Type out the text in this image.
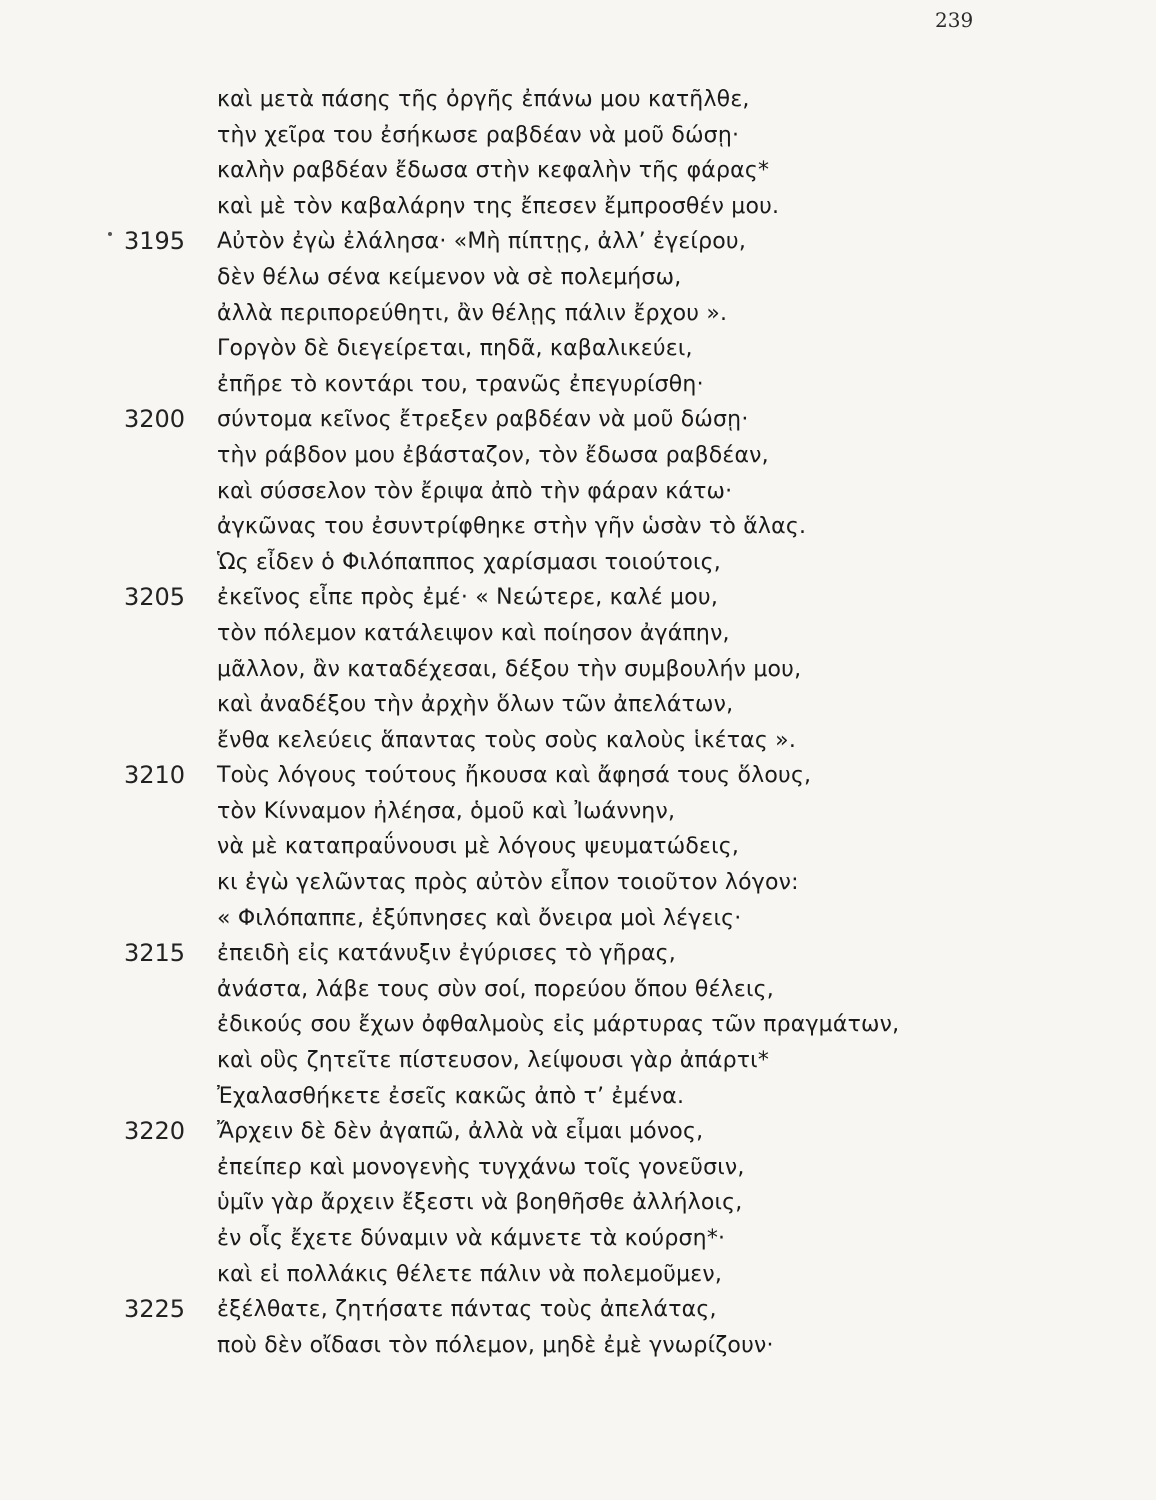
239
καὶ μετὰ πάσης τῆς ὀργῆς ἐπάνω μου κατῆλθε,
τὴν χεῖρα του ἐσήκωσε ραβδέαν νὰ μοῦ δώσῃ·
καλὴν ραβδέαν ἔδωσα στὴν κεφαλὴν τῆς φάρας*
καὶ μὲ τὸν καβαλάρην της ἔπεσεν ἔμπροσθέν μου.
3195 Αὐτὸν ἐγὼ ἐλάλησα· «Μὴ πίπτῃς, ἀλλ’ ἐγείρου,
δὲν θέλω σένα κείμενον νὰ σὲ πολεμήσω,
ἀλλὰ περιπορεύθητι, ἂν θέλῃς πάλιν ἔρχου ».
Γοργὸν δὲ διεγείρεται, πηδᾶ, καβαλικεύει,
ἐπῆρε τὸ κοντάρι του, τρανῶς ἐπεγυρίσθη·
3200 σύντομα κεῖνος ἔτρεξεν ραβδέαν νὰ μοῦ δώσῃ·
τὴν ράβδον μου ἐβάσταζον, τὸν ἔδωσα ραβδέαν,
καὶ σύσσελον τὸν ἔριψα ἀπὸ τὴν φάραν κάτω·
ἀγκῶνας του ἐσυντρίφθηκε στὴν γῆν ὡσὰν τὸ ἅλας.
Ὡς εἶδεν ὁ Φιλόπαππος χαρίσμασι τοιούτοις,
3205 ἐκεῖνος εἶπε πρὸς ἐμέ· « Νεώτερε, καλέ μου,
τὸν πόλεμον κατάλειψον καὶ ποίησον ἀγάπην,
μᾶλλον, ἂν καταδέχεσαι, δέξου τὴν συμβουλήν μου,
καὶ ἀναδέξου τὴν ἀρχὴν ὅλων τῶν ἀπελάτων,
ἔνθα κελεύεις ἅπαντας τοὺς σοὺς καλοὺς ἱκέτας ».
3210 Τοὺς λόγους τούτους ἤκουσα καὶ ἄφησά τους ὅλους,
τὸν Κίνναμον ἠλέησα, ὁμοῦ καὶ Ἰωάννην,
νὰ μὲ καταπραΰνουσι μὲ λόγους ψευματώδεις,
κι ἐγὼ γελῶντας πρὸς αὐτὸν εἶπον τοιοῦτον λόγον:
« Φιλόπαππε, ἐξύπνησες καὶ ὄνειρα μοὶ λέγεις·
3215 ἐπειδὴ εἰς κατάνυξιν ἐγύρισες τὸ γῆρας,
ἀνάστα, λάβε τους σὺν σοί, πορεύου ὅπου θέλεις,
ἐδικούς σου ἔχων ὀφθαλμοὺς εἰς μάρτυρας τῶν πραγμάτων,
καὶ οὓς ζητεῖτε πίστευσον, λείψουσι γὰρ ἀπάρτι*
Ἐχαλασθήκετε ἐσεῖς κακῶς ἀπὸ τ’ ἐμένα.
3220 Ἄρχειν δὲ δὲν ἀγαπῶ, ἀλλὰ νὰ εἶμαι μόνος,
ἐπείπερ καὶ μονογενὴς τυγχάνω τοῖς γονεῦσιν,
ὑμῖν γὰρ ἄρχειν ἔξεστι νὰ βοηθῆσθε ἀλλήλοις,
ἐν οἷς ἔχετε δύναμιν νὰ κάμνετε τὰ κούρση*·
καὶ εἰ πολλάκις θέλετε πάλιν νὰ πολεμοῦμεν,
3225 ἐξέλθατε, ζητήσατε πάντας τοὺς ἀπελάτας,
ποὺ δὲν οἴδασι τὸν πόλεμον, μηδὲ ἐμὲ γνωρίζουν·
